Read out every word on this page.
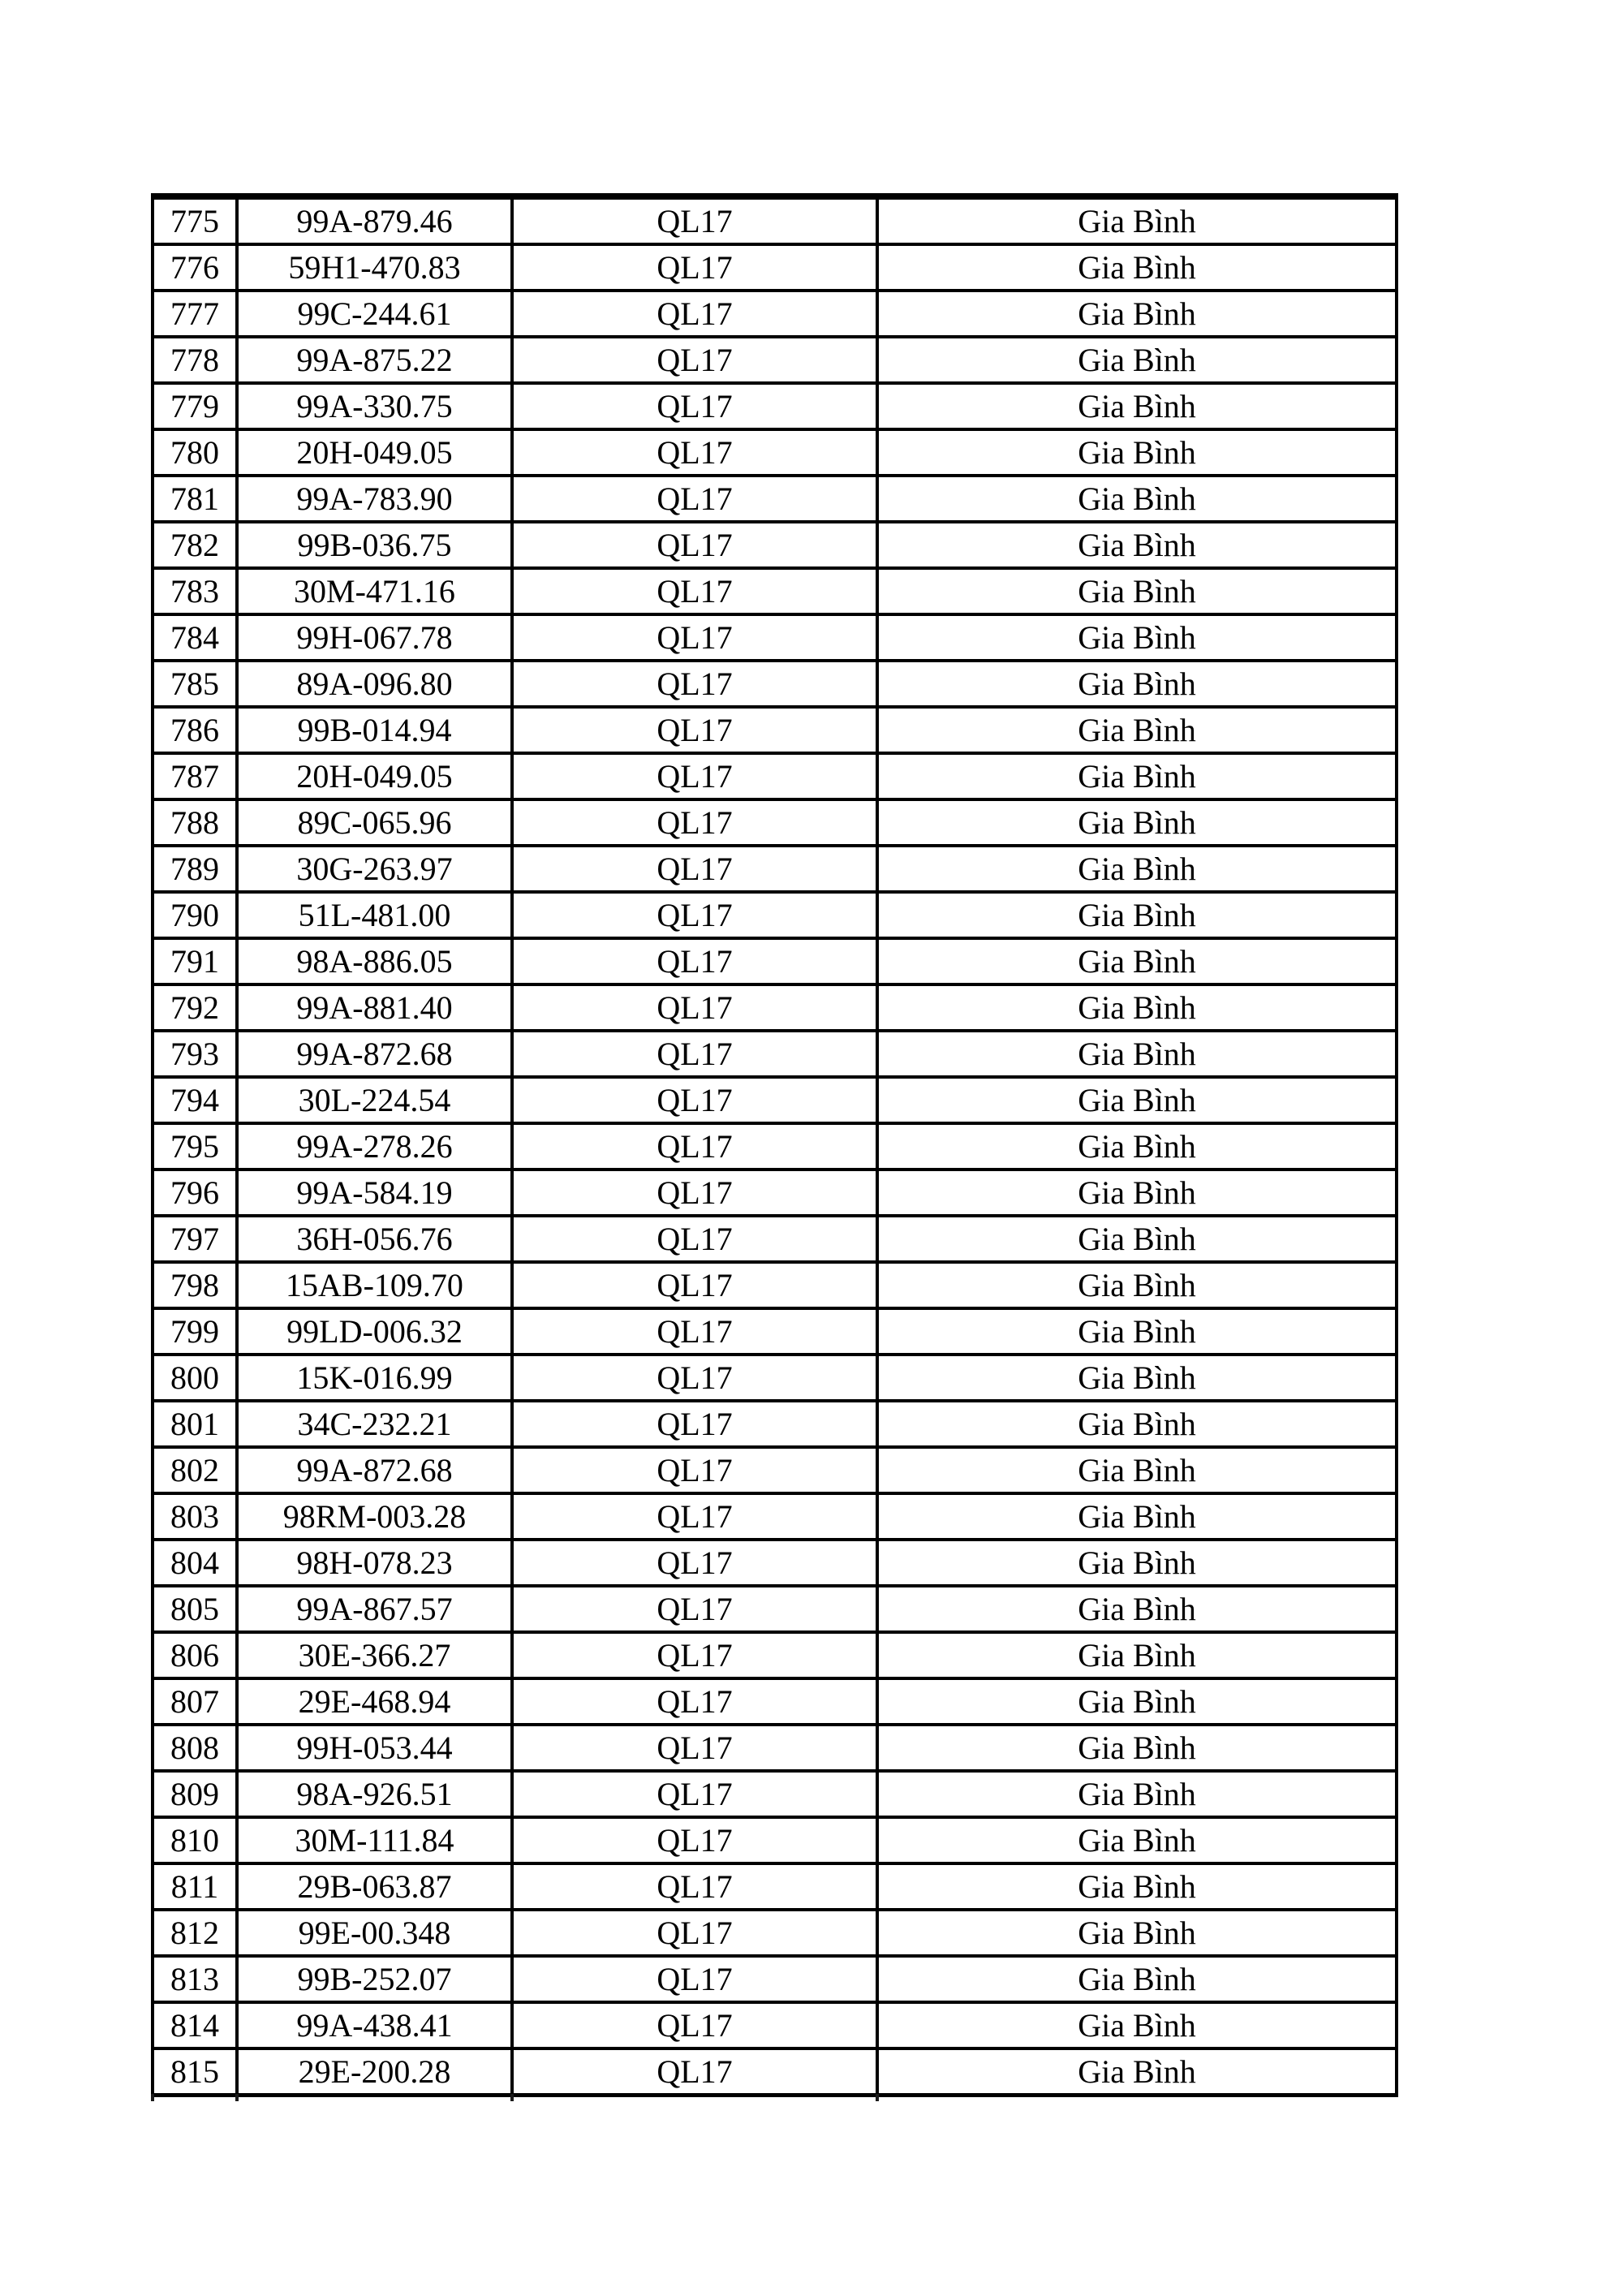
775	99A-879.46	QL17	Gia Bình
776	59H1-470.83	QL17	Gia Bình
777	99C-244.61	QL17	Gia Bình
778	99A-875.22	QL17	Gia Bình
779	99A-330.75	QL17	Gia Bình
780	20H-049.05	QL17	Gia Bình
781	99A-783.90	QL17	Gia Bình
782	99B-036.75	QL17	Gia Bình
783	30M-471.16	QL17	Gia Bình
784	99H-067.78	QL17	Gia Bình
785	89A-096.80	QL17	Gia Bình
786	99B-014.94	QL17	Gia Bình
787	20H-049.05	QL17	Gia Bình
788	89C-065.96	QL17	Gia Bình
789	30G-263.97	QL17	Gia Bình
790	51L-481.00	QL17	Gia Bình
791	98A-886.05	QL17	Gia Bình
792	99A-881.40	QL17	Gia Bình
793	99A-872.68	QL17	Gia Bình
794	30L-224.54	QL17	Gia Bình
795	99A-278.26	QL17	Gia Bình
796	99A-584.19	QL17	Gia Bình
797	36H-056.76	QL17	Gia Bình
798	15AB-109.70	QL17	Gia Bình
799	99LD-006.32	QL17	Gia Bình
800	15K-016.99	QL17	Gia Bình
801	34C-232.21	QL17	Gia Bình
802	99A-872.68	QL17	Gia Bình
803	98RM-003.28	QL17	Gia Bình
804	98H-078.23	QL17	Gia Bình
805	99A-867.57	QL17	Gia Bình
806	30E-366.27	QL17	Gia Bình
807	29E-468.94	QL17	Gia Bình
808	99H-053.44	QL17	Gia Bình
809	98A-926.51	QL17	Gia Bình
810	30M-111.84	QL17	Gia Bình
811	29B-063.87	QL17	Gia Bình
812	99E-00.348	QL17	Gia Bình
813	99B-252.07	QL17	Gia Bình
814	99A-438.41	QL17	Gia Bình
815	29E-200.28	QL17	Gia Bình
